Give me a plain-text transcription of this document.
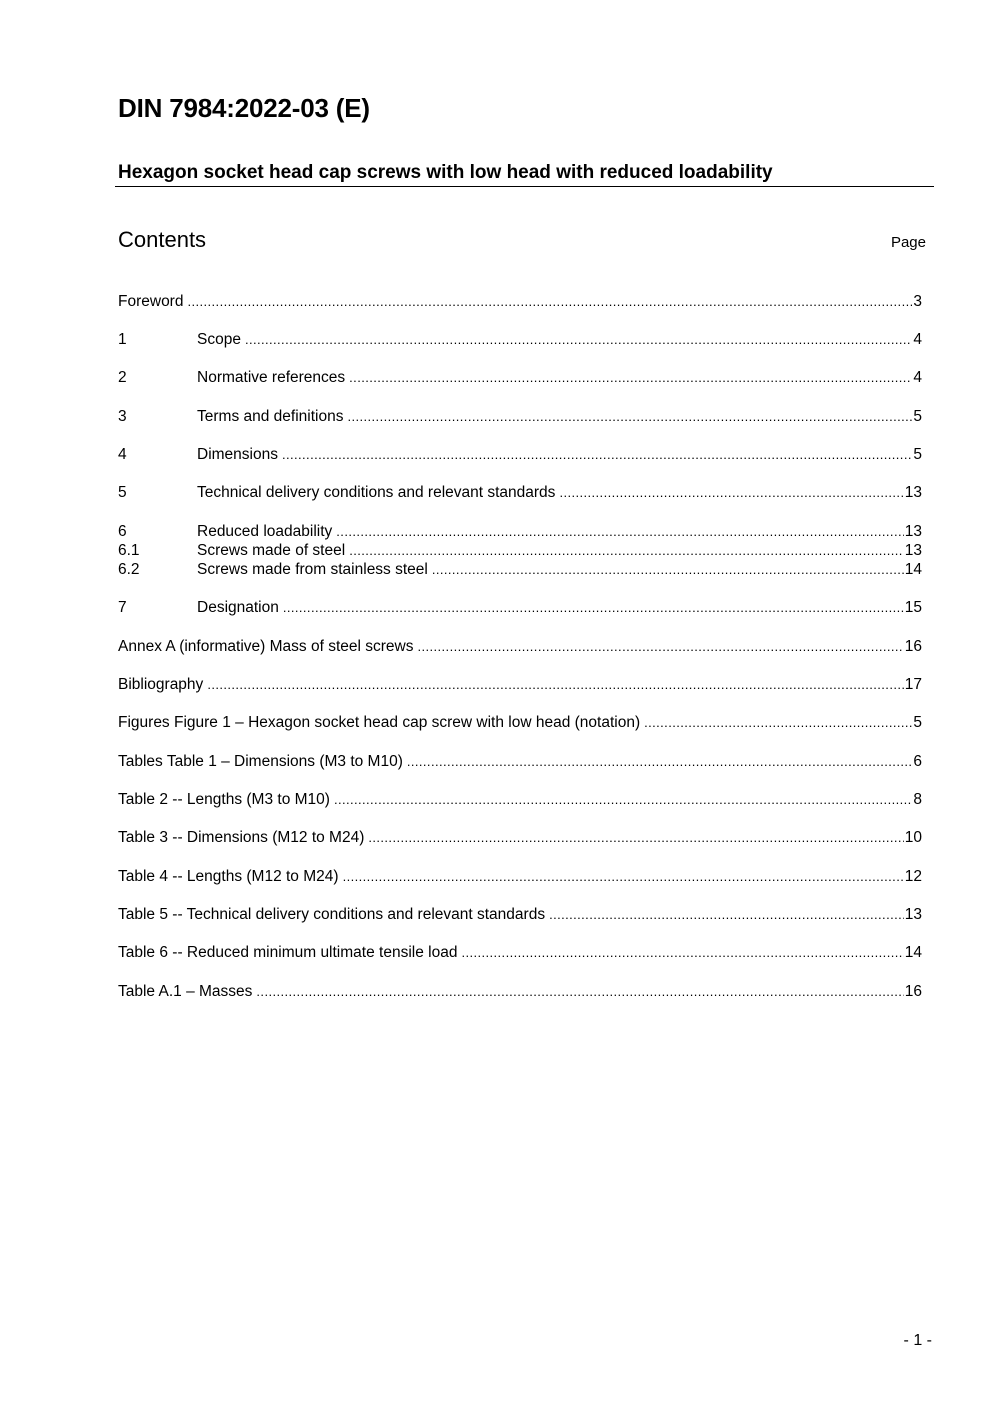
DIN 7984:2022-03 (E)
Hexagon socket head cap screws with low head with reduced loadability
Contents	Page
Foreword .....	3
1	Scope .....	4
2	Normative references .....	4
3	Terms and definitions .....	5
4	Dimensions .....	5
5	Technical delivery conditions and relevant standards .....	13
6	Reduced loadability .....	13
6.1	Screws made of steel .....	13
6.2	Screws made from stainless steel .....	14
7	Designation .....	15
Annex A (informative) Mass of steel screws .....	16
Bibliography .....	17
Figures Figure 1 – Hexagon socket head cap screw with low head (notation) .....	5
Tables Table 1 – Dimensions (M3 to M10) .....	6
Table 2 -- Lengths (M3 to M10) .....	8
Table 3 -- Dimensions (M12 to M24) .....	10
Table 4 -- Lengths (M12 to M24) .....	12
Table 5 -- Technical delivery conditions and relevant standards .....	13
Table 6 -- Reduced minimum ultimate tensile load .....	14
Table A.1 – Masses .....	16
- 1 -
